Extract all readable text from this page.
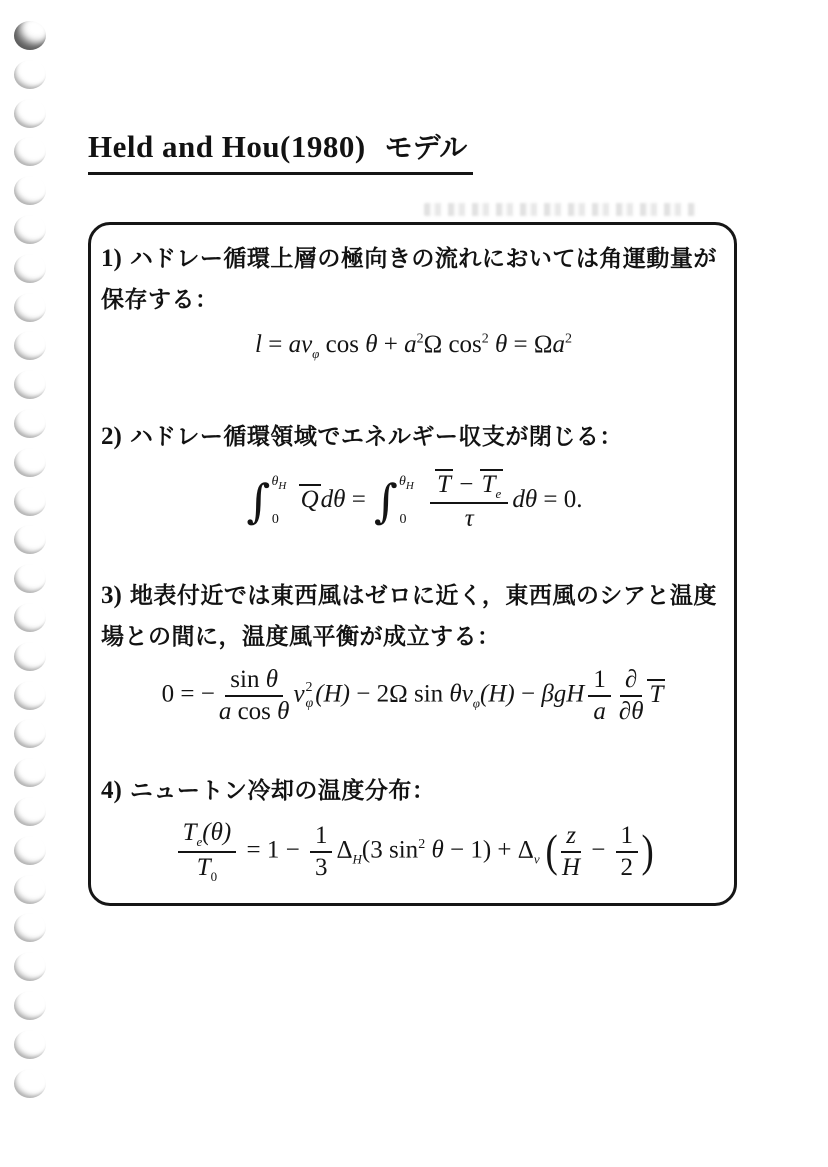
Held and Hou(1980) モデル

1) ハドレー循環上層の極向きの流れにおいては角運動量が

保存する：

$l = av_\varphi$ $\cos \theta + a^2\Omega$ $\cos^2 \theta = \Omega a^2$

2) ハドレー循環領域でエネルギー収支が閉じる：

∫ $\theta_H$
0
Qdθ = ∫ $\theta_H$
0
$\frac{T - T_e}{\tau}$ dθ = 0.

3) 地表付近では東西風はゼロに近く，東西風のシアと温度

場との間に，温度風平衡が成立する：

0 = − $\frac{\text{sin θ}}{\text{a cos θ}}$ v 2
φ (H) − 2Ω $\sin \theta v_\varphi(H) - \beta gH \frac{1}{a} \frac{\partial}{\partial\theta}$ T

4) ニュートン冷却の温度分布：

$\frac{T_e(\theta)}{T_0} = 1 - \frac{1}{3} \Delta_H(3$ $\sin^2 \theta - 1) + \Delta_v$ ( $\frac{z}{H} - \frac{1}{2}$ )
